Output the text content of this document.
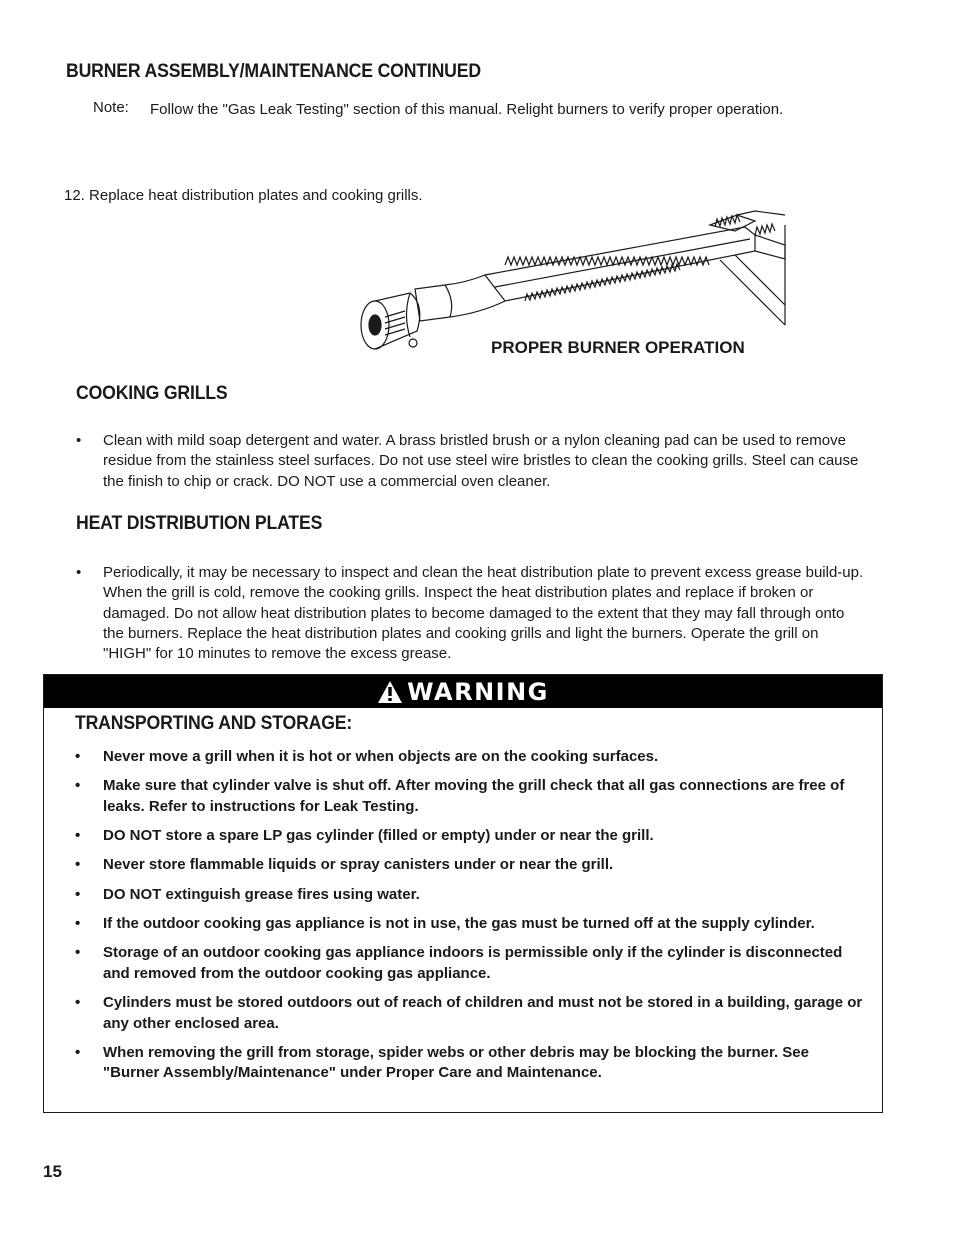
BURNER ASSEMBLY/MAINTENANCE CONTINUED
Note: Follow the "Gas Leak Testing" section of this manual. Relight burners to verify proper operation.
12. Replace heat distribution plates and cooking grills.
PROPER BURNER OPERATION
COOKING GRILLS
• Clean with mild soap detergent and water. A brass bristled brush or a nylon cleaning pad can be used to remove residue from the stainless steel surfaces. Do not use steel wire bristles to clean the cooking grills. Steel can cause the finish to chip or crack. DO NOT use a commercial oven cleaner.
HEAT DISTRIBUTION PLATES
• Periodically, it may be necessary to inspect and clean the heat distribution plate to prevent excess grease build-up. When the grill is cold, remove the cooking grills. Inspect the heat distribution plates and replace if broken or damaged. Do not allow heat distribution plates to become damaged to the extent that they may fall through onto the burners. Replace the heat distribution plates and cooking grills and light the burners. Operate the grill on "HIGH" for 10 minutes to remove the excess grease.
WARNING
TRANSPORTING AND STORAGE:
• Never move a grill when it is hot or when objects are on the cooking surfaces.
• Make sure that cylinder valve is shut off. After moving the grill check that all gas connections are free of leaks. Refer to instructions for Leak Testing.
• DO NOT store a spare LP gas cylinder (filled or empty) under or near the grill.
• Never store flammable liquids or spray canisters under or near the grill.
• DO NOT extinguish grease fires using water.
• If the outdoor cooking gas appliance is not in use, the gas must be turned off at the supply cylinder.
• Storage of an outdoor cooking gas appliance indoors is permissible only if the cylinder is disconnected and removed from the outdoor cooking gas appliance.
• Cylinders must be stored outdoors out of reach of children and must not be stored in a building, garage or any other enclosed area.
• When removing the grill from storage, spider webs or other debris may be blocking the burner. See "Burner Assembly/Maintenance" under Proper Care and Maintenance.
15
